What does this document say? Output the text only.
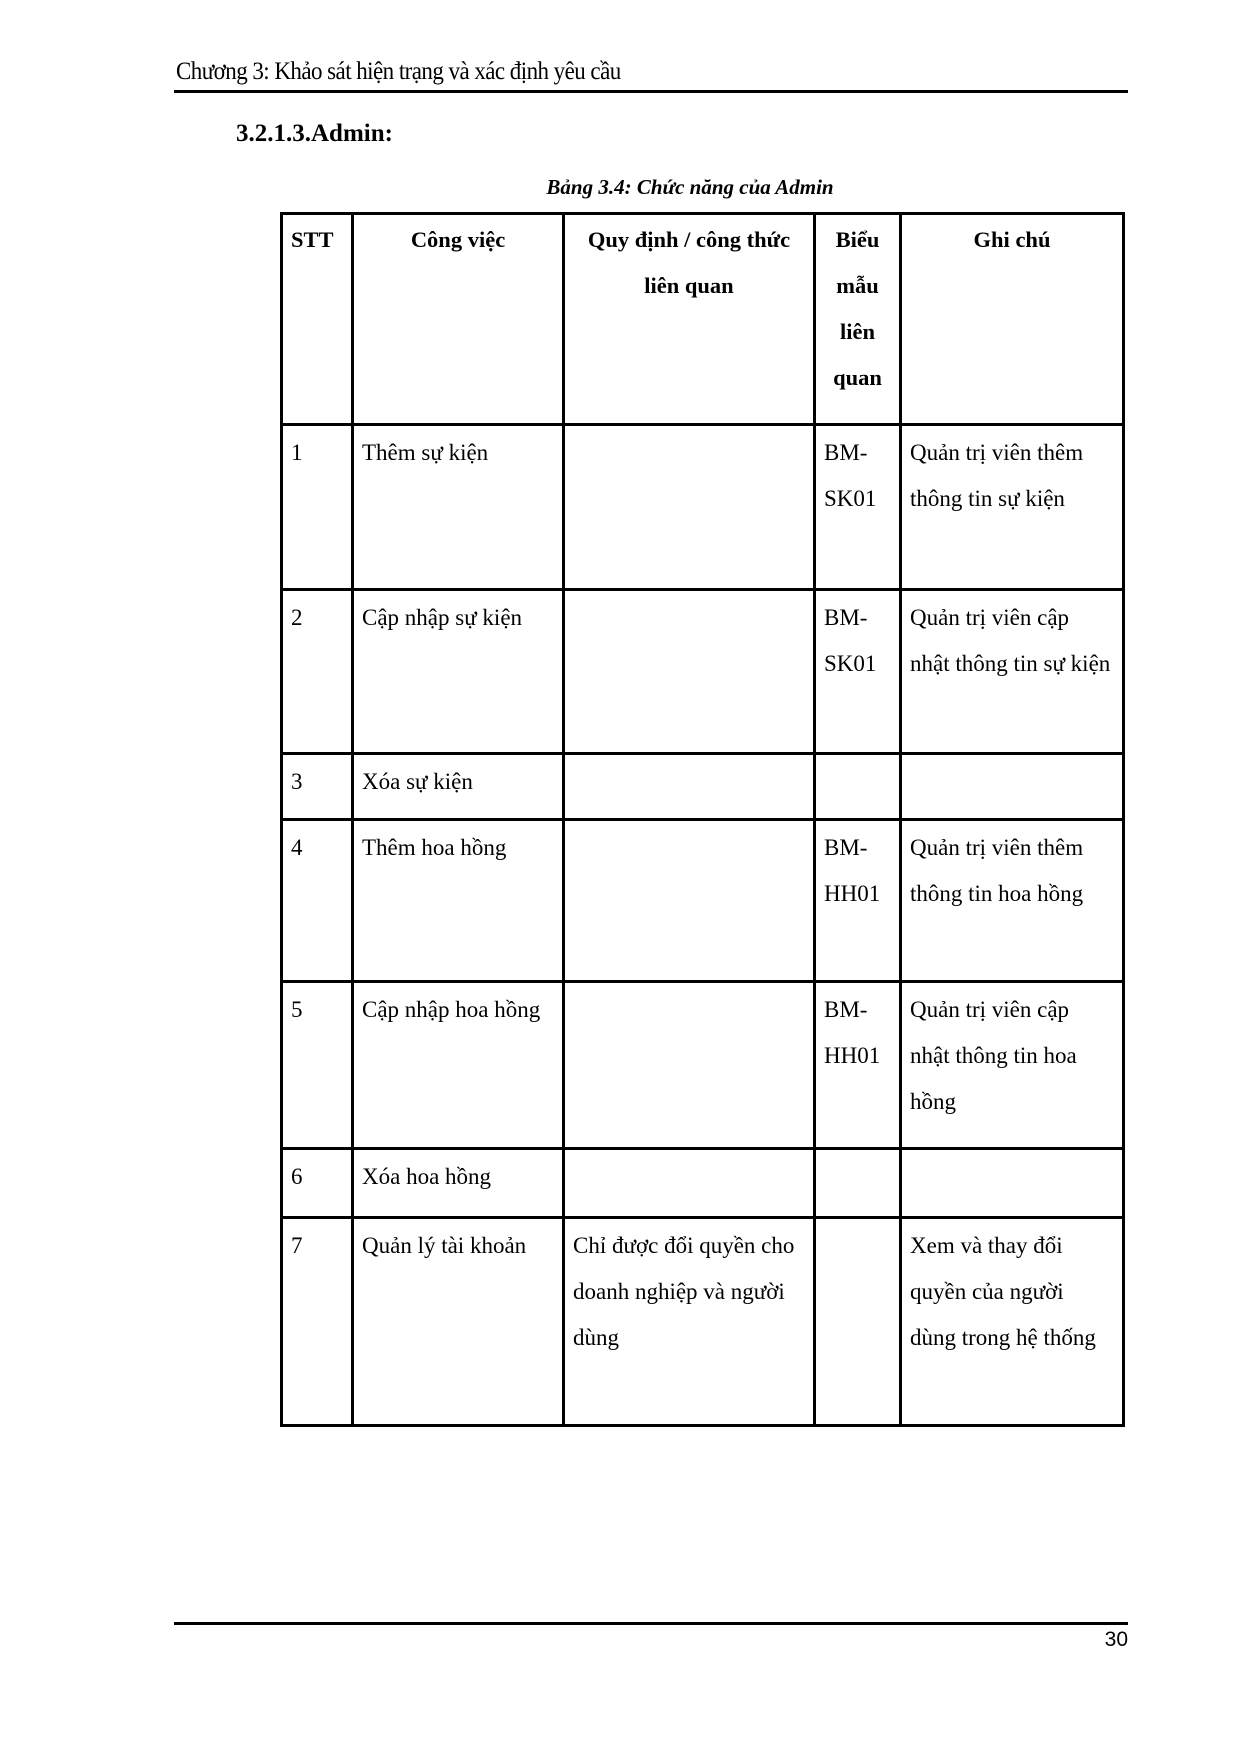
Chương 3: Khảo sát hiện trạng và xác định yêu cầu
3.2.1.3.Admin:
Bảng 3.4: Chức năng của Admin
STT	Công việc	Quy định / công thức liên quan	Biểu mẫu liên quan	Ghi chú
1	Thêm sự kiện		BM-SK01	Quản trị viên thêm thông tin sự kiện
2	Cập nhập sự kiện		BM-SK01	Quản trị viên cập nhật thông tin sự kiện
3	Xóa sự kiện			
4	Thêm hoa hồng		BM-HH01	Quản trị viên thêm thông tin hoa hồng
5	Cập nhập hoa hồng		BM-HH01	Quản trị viên cập nhật thông tin hoa hồng
6	Xóa hoa hồng			
7	Quản lý tài khoản	Chỉ được đổi quyền cho doanh nghiệp và người dùng		Xem và thay đổi quyền của người dùng trong hệ thống
30
